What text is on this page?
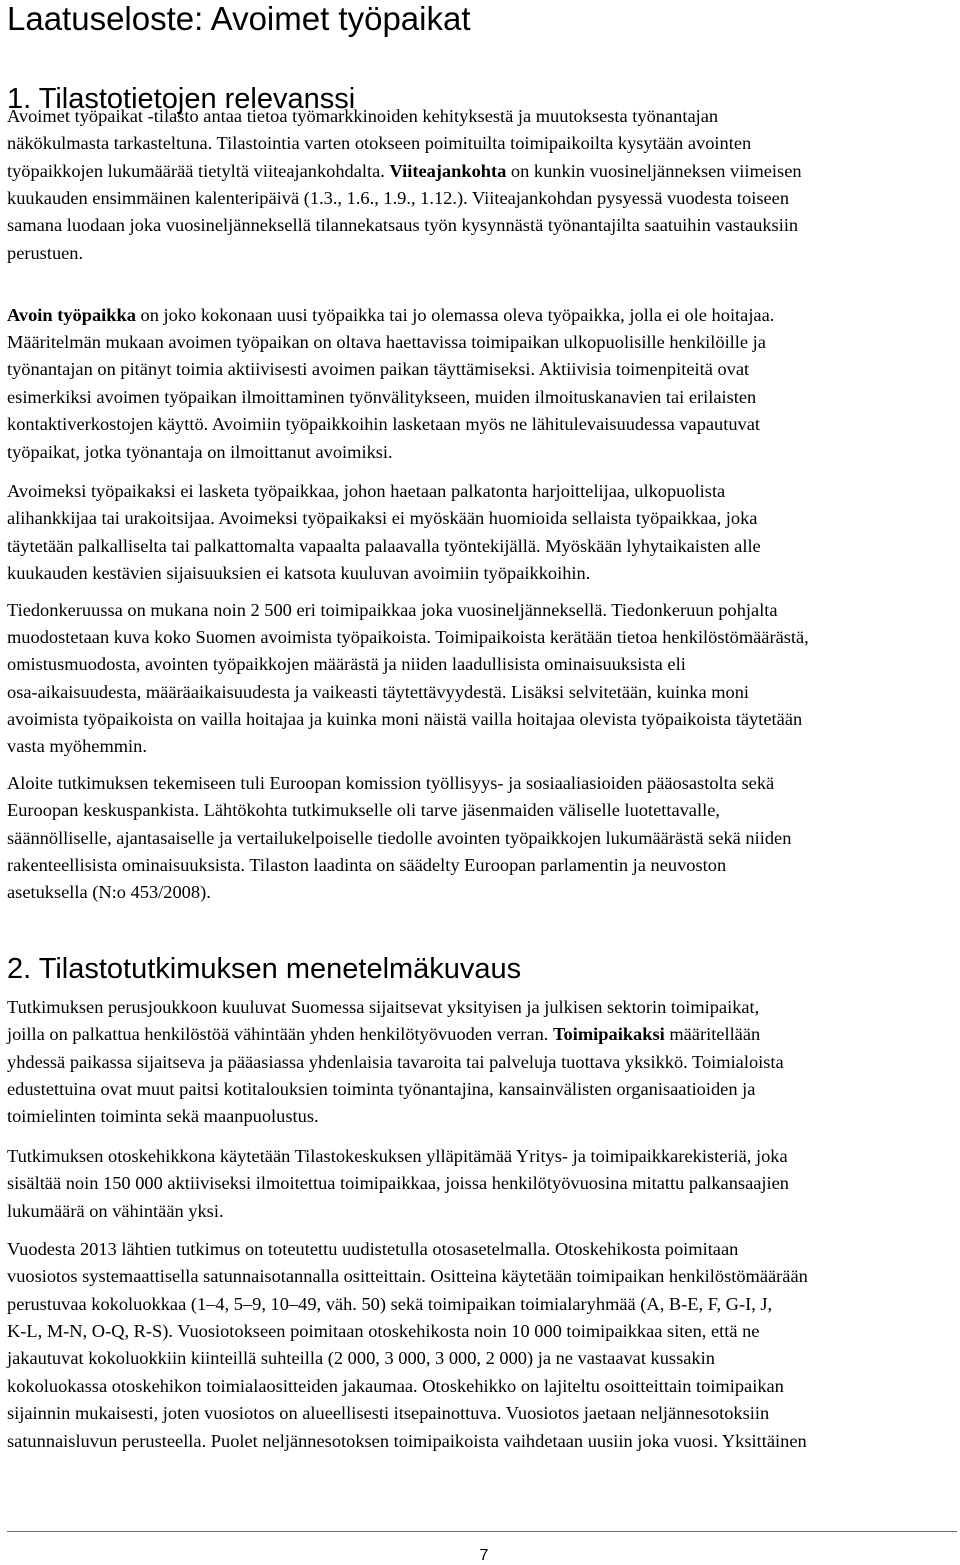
Laatuseloste: Avoimet työpaikat
1. Tilastotietojen relevanssi

Avoimet työpaikat -tilasto antaa tietoa työmarkkinoiden kehityksestä ja muutoksesta työnantajan
näkökulmasta tarkasteltuna. Tilastointia varten otokseen poimituilta toimipaikoilta kysytään avointen
työpaikkojen lukumäärää tietyltä viiteajankohdalta. Viiteajankohta on kunkin vuosineljänneksen viimeisen
kuukauden ensimmäinen kalenteripäivä (1.3., 1.6., 1.9., 1.12.). Viiteajankohdan pysyessä vuodesta toiseen
samana luodaan joka vuosineljänneksellä tilannekatsaus työn kysynnästä työnantajilta saatuihin vastauksiin
perustuen.

Avoin työpaikka on joko kokonaan uusi työpaikka tai jo olemassa oleva työpaikka, jolla ei ole hoitajaa.
Määritelmän mukaan avoimen työpaikan on oltava haettavissa toimipaikan ulkopuolisille henkilöille ja
työnantajan on pitänyt toimia aktiivisesti avoimen paikan täyttämiseksi. Aktiivisia toimenpiteitä ovat
esimerkiksi avoimen työpaikan ilmoittaminen työnvälitykseen, muiden ilmoituskanavien tai erilaisten
kontaktiverkostojen käyttö. Avoimiin työpaikkoihin lasketaan myös ne lähitulevaisuudessa vapautuvat
työpaikat, jotka työnantaja on ilmoittanut avoimiksi.

Avoimeksi työpaikaksi ei lasketa työpaikkaa, johon haetaan palkatonta harjoittelijaa, ulkopuolista
alihankkijaa tai urakoitsijaa. Avoimeksi työpaikaksi ei myöskään huomioida sellaista työpaikkaa, joka
täytetään palkalliselta tai palkattomalta vapaalta palaavalla työntekijällä. Myöskään lyhytaikaisten alle
kuukauden kestävien sijaisuuksien ei katsota kuuluvan avoimiin työpaikkoihin.

Tiedonkeruussa on mukana noin 2 500 eri toimipaikkaa joka vuosineljänneksellä. Tiedonkeruun pohjalta
muodostetaan kuva koko Suomen avoimista työpaikoista. Toimipaikoista kerätään tietoa henkilöstömäärästä,
omistusmuodosta, avointen työpaikkojen määrästä ja niiden laadullisista ominaisuuksista eli
osa-aikaisuudesta, määräaikaisuudesta ja vaikeasti täytettävyydestä. Lisäksi selvitetään, kuinka moni
avoimista työpaikoista on vailla hoitajaa ja kuinka moni näistä vailla hoitajaa olevista työpaikoista täytetään
vasta myöhemmin.

Aloite tutkimuksen tekemiseen tuli Euroopan komission työllisyys- ja sosiaaliasioiden pääosastolta sekä
Euroopan keskuspankista. Lähtökohta tutkimukselle oli tarve jäsenmaiden väliselle luotettavalle,
säännölliselle, ajantasaiselle ja vertailukelpoiselle tiedolle avointen työpaikkojen lukumäärästä sekä niiden
rakenteellisista ominaisuuksista. Tilaston laadinta on säädelty Euroopan parlamentin ja neuvoston
asetuksella (N:o 453/2008).

2. Tilastotutkimuksen menetelmäkuvaus

Tutkimuksen perusjoukkoon kuuluvat Suomessa sijaitsevat yksityisen ja julkisen sektorin toimipaikat,
joilla on palkattua henkilöstöä vähintään yhden henkilötyövuoden verran. Toimipaikaksi määritellään
yhdessä paikassa sijaitseva ja pääasiassa yhdenlaisia tavaroita tai palveluja tuottava yksikkö. Toimialoista
edustettuina ovat muut paitsi kotitalouksien toiminta työnantajina, kansainvälisten organisaatioiden ja
toimielinten toiminta sekä maanpuolustus.

Tutkimuksen otoskehikkona käytetään Tilastokeskuksen ylläpitämää Yritys- ja toimipaikkarekisteriä, joka
sisältää noin 150 000 aktiiviseksi ilmoitettua toimipaikkaa, joissa henkilötyövuosina mitattu palkansaajien
lukumäärä on vähintään yksi.

Vuodesta 2013 lähtien tutkimus on toteutettu uudistetulla otosasetelmalla. Otoskehikosta poimitaan
vuosiotos systemaattisella satunnaisotannalla ositteittain. Ositteina käytetään toimipaikan henkilöstömäärään
perustuvaa kokoluokkaa (1–4, 5–9, 10–49, väh. 50) sekä toimipaikan toimialaryhmää (A, B-E, F, G-I, J,
K-L, M-N, O-Q, R-S). Vuosiotokseen poimitaan otoskehikosta noin 10 000 toimipaikkaa siten, että ne
jakautuvat kokoluokkiin kiinteillä suhteilla (2 000, 3 000, 3 000, 2 000) ja ne vastaavat kussakin
kokoluokassa otoskehikon toimialaositteiden jakaumaa. Otoskehikko on lajiteltu osoitteittain toimipaikan
sijainnin mukaisesti, joten vuosiotos on alueellisesti itsepainottuva. Vuosiotos jaetaan neljännesotoksiin
satunnaisluvun perusteella. Puolet neljännesotoksen toimipaikoista vaihdetaan uusiin joka vuosi. Yksittäinen

7
